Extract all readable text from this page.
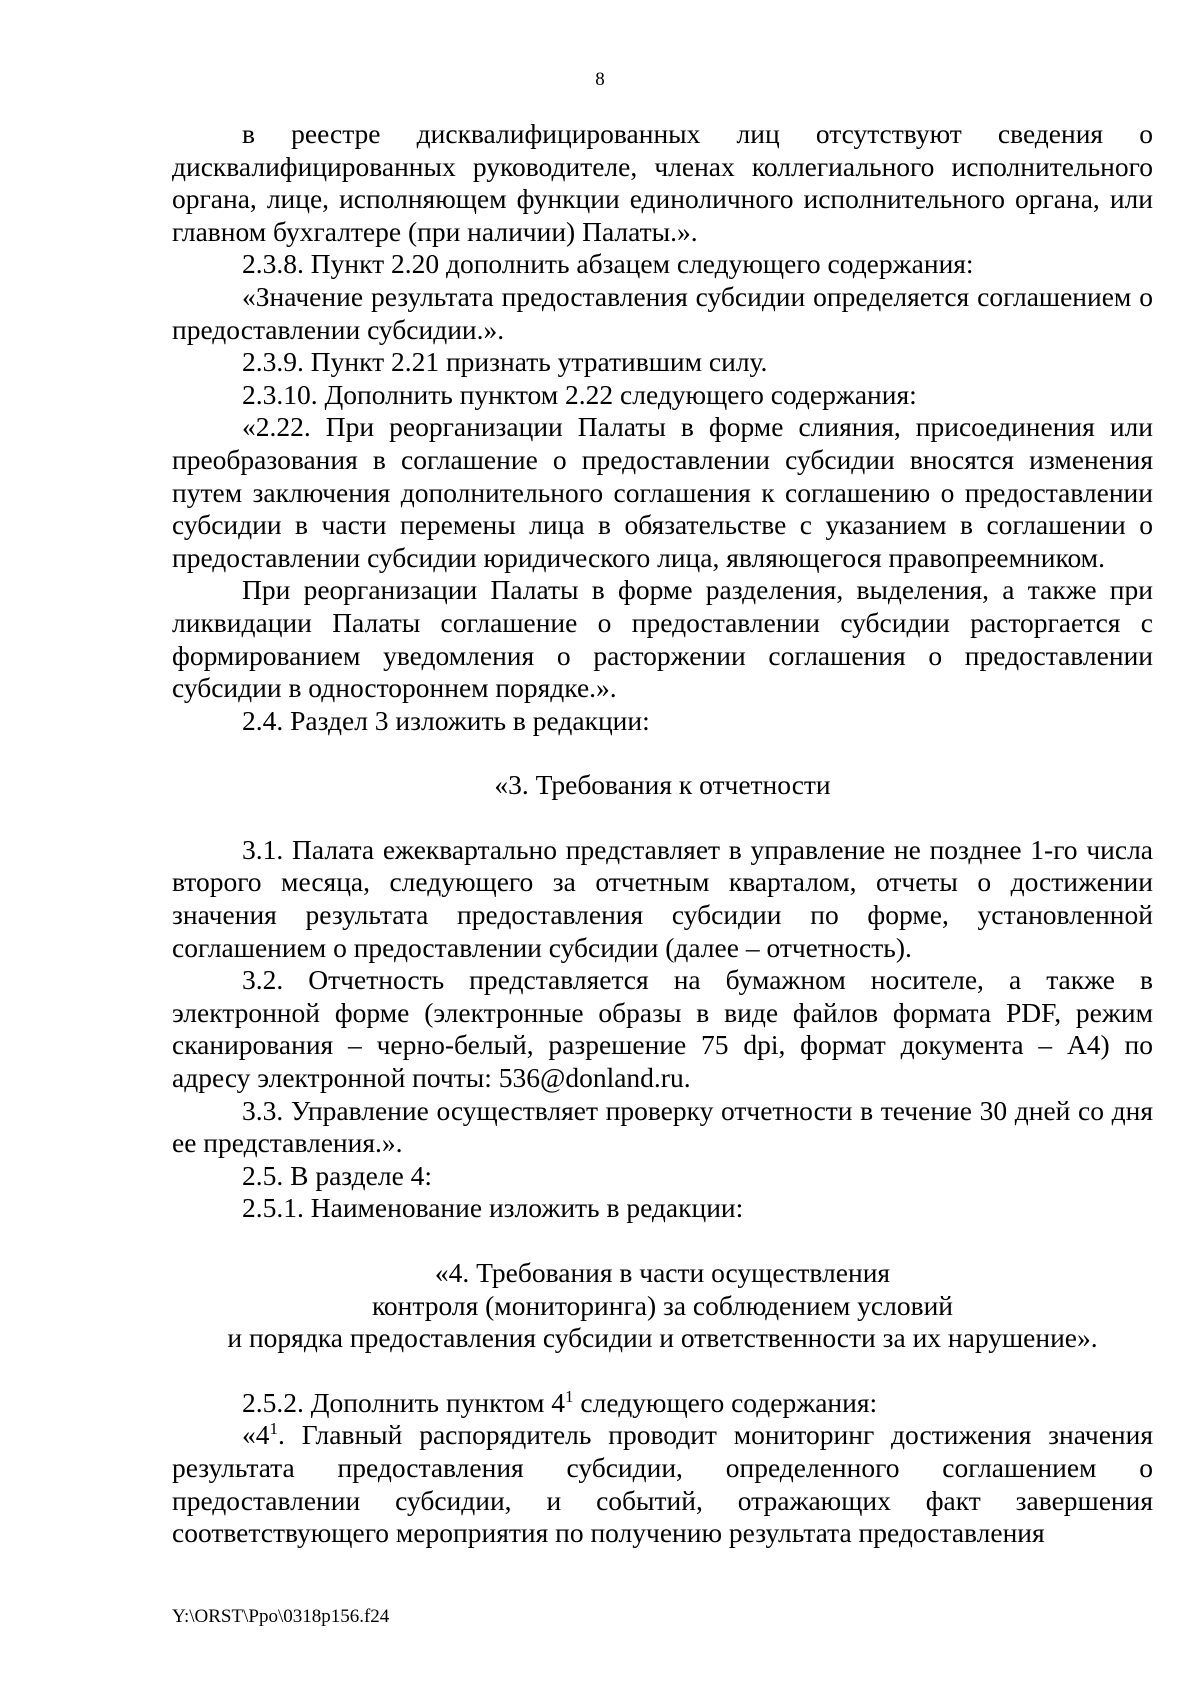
8

в реестре дисквалифицированных лиц отсутствуют сведения о дисквалифицированных руководителе, членах коллегиального исполнительного органа, лице, исполняющем функции единоличного исполнительного органа, или главном бухгалтере (при наличии) Палаты.».

2.3.8. Пункт 2.20 дополнить абзацем следующего содержания:

«Значение результата предоставления субсидии определяется соглашением о предоставлении субсидии.».

2.3.9. Пункт 2.21 признать утратившим силу.

2.3.10. Дополнить пунктом 2.22 следующего содержания:

«2.22. При реорганизации Палаты в форме слияния, присоединения или преобразования в соглашение о предоставлении субсидии вносятся изменения путем заключения дополнительного соглашения к соглашению о предоставлении субсидии в части перемены лица в обязательстве с указанием в соглашении о предоставлении субсидии юридического лица, являющегося правопреемником.

При реорганизации Палаты в форме разделения, выделения, а также при ликвидации Палаты соглашение о предоставлении субсидии расторгается с формированием уведомления о расторжении соглашения о предоставлении субсидии в одностороннем порядке.».

2.4. Раздел 3 изложить в редакции:

«3. Требования к отчетности

3.1. Палата ежеквартально представляет в управление не позднее 1-го числа второго месяца, следующего за отчетным кварталом, отчеты о достижении значения результата предоставления субсидии по форме, установленной соглашением о предоставлении субсидии (далее – отчетность).

3.2. Отчетность представляется на бумажном носителе, а также в электронной форме (электронные образы в виде файлов формата PDF, режим сканирования – черно-белый, разрешение 75 dpi, формат документа – А4) по адресу электронной почты: 536@donland.ru.

3.3. Управление осуществляет проверку отчетности в течение 30 дней со дня ее представления.».

2.5. В разделе 4:

2.5.1. Наименование изложить в редакции:

«4. Требования в части осуществления

контроля (мониторинга) за соблюдением условий

и порядка предоставления субсидии и ответственности за их нарушение».

2.5.2. Дополнить пунктом $4^1$ следующего содержания:

«$4^1$. Главный распорядитель проводит мониторинг достижения значения результата предоставления субсидии, определенного соглашением о предоставлении субсидии, и событий, отражающих факт завершения соответствующего мероприятия по получению результата предоставления

Y:\ORST\Ppo\0318p156.f24
